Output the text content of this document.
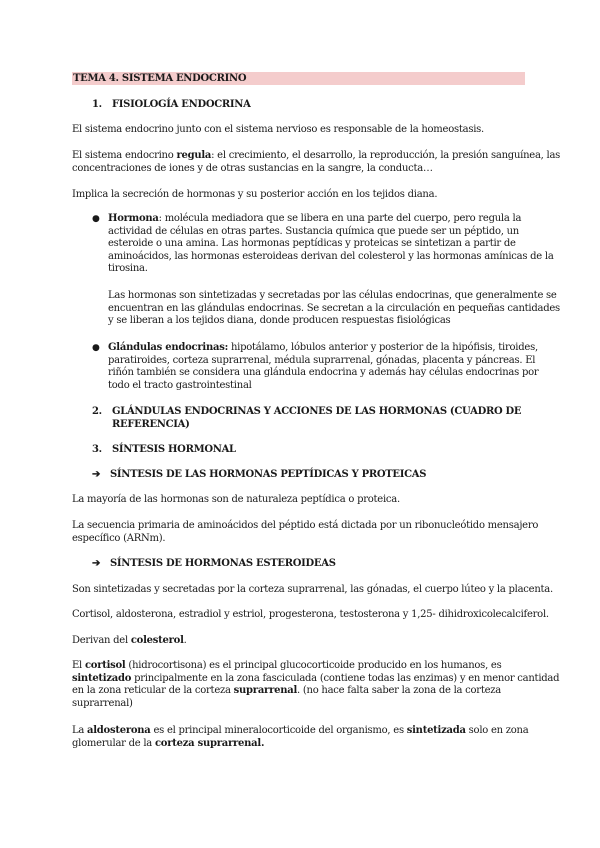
TEMA 4. SISTEMA ENDOCRINO
1. FISIOLOGÍA ENDOCRINA
El sistema endocrino junto con el sistema nervioso es responsable de la homeostasis.
El sistema endocrino regula: el crecimiento, el desarrollo, la reproducción, la presión sanguínea, las
concentraciones de iones y de otras sustancias en la sangre, la conducta…
Implica la secreción de hormonas y su posterior acción en los tejidos diana.
● Hormona: molécula mediadora que se libera en una parte del cuerpo, pero regula la
actividad de células en otras partes. Sustancia química que puede ser un péptido, un
esteroide o una amina. Las hormonas peptídicas y proteicas se sintetizan a partir de
aminoácidos, las hormonas esteroideas derivan del colesterol y las hormonas amínicas de la
tirosina.
Las hormonas son sintetizadas y secretadas por las células endocrinas, que generalmente se
encuentran en las glándulas endocrinas. Se secretan a la circulación en pequeñas cantidades
y se liberan a los tejidos diana, donde producen respuestas fisiológicas
● Glándulas endocrinas: hipotálamo, lóbulos anterior y posterior de la hipófisis, tiroides,
paratiroides, corteza suprarrenal, médula suprarrenal, gónadas, placenta y páncreas. El
riñón también se considera una glándula endocrina y además hay células endocrinas por
todo el tracto gastrointestinal
2. GLÁNDULAS ENDOCRINAS Y ACCIONES DE LAS HORMONAS (CUADRO DE
REFERENCIA)
3. SÍNTESIS HORMONAL
➔ SÍNTESIS DE LAS HORMONAS PEPTÍDICAS Y PROTEICAS
La mayoría de las hormonas son de naturaleza peptídica o proteica.
La secuencia primaria de aminoácidos del péptido está dictada por un ribonucleótido mensajero
específico (ARNm).
➔ SÍNTESIS DE HORMONAS ESTEROIDEAS
Son sintetizadas y secretadas por la corteza suprarrenal, las gónadas, el cuerpo lúteo y la placenta.
Cortisol, aldosterona, estradiol y estriol, progesterona, testosterona y 1,25- dihidroxicolecalciferol.
Derivan del colesterol.
El cortisol (hidrocortisona) es el principal glucocorticoide producido en los humanos, es
sintetizado principalmente en la zona fasciculada (contiene todas las enzimas) y en menor cantidad
en la zona reticular de la corteza suprarrenal. (no hace falta saber la zona de la corteza
suprarrenal)
La aldosterona es el principal mineralocorticoide del organismo, es sintetizada solo en zona
glomerular de la corteza suprarrenal.
